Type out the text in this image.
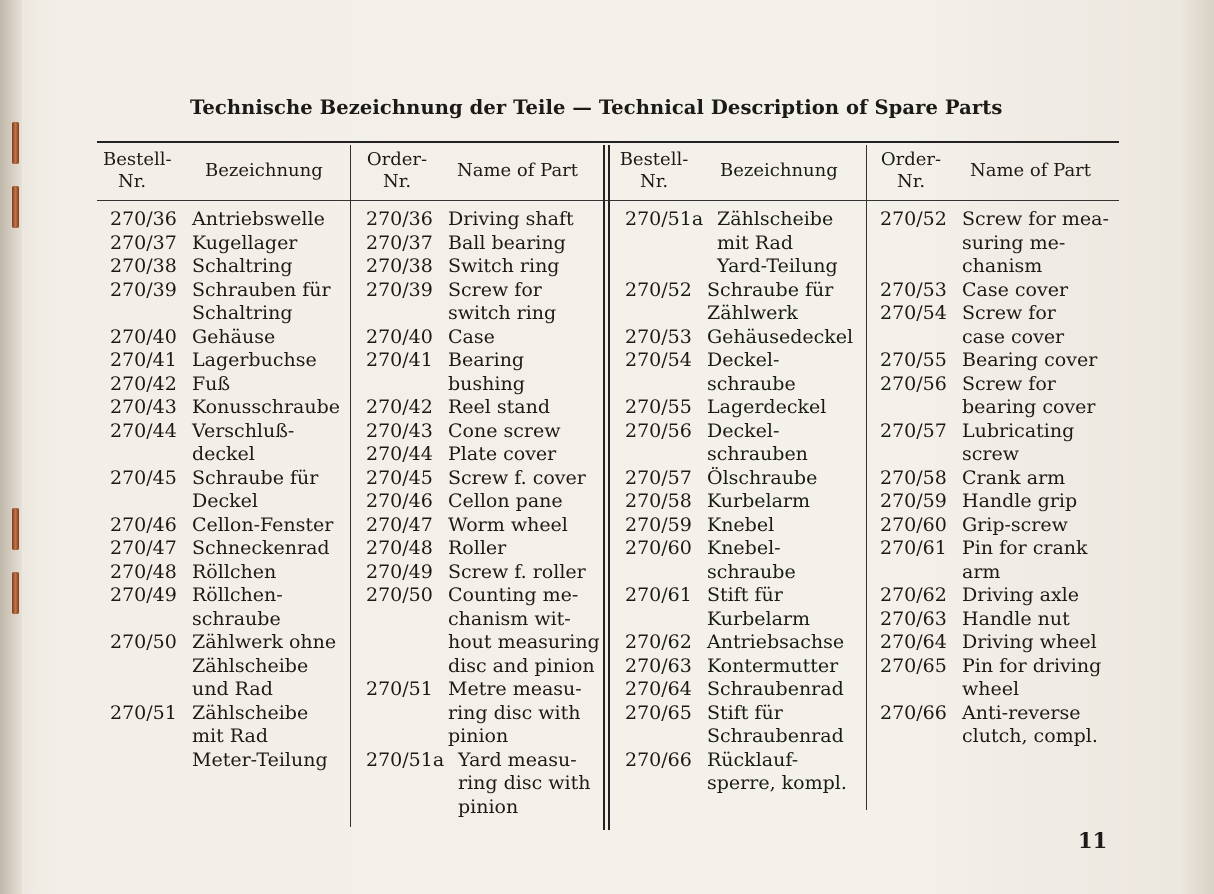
Technische Bezeichnung der Teile — Technical Description of Spare Parts
Bestell-
Nr.
Bezeichnung
Order-
Nr.
Name of Part
Bestell-
Nr.
Bezeichnung
Order-
Nr.
Name of Part
270/36 Antriebswelle
270/37 Kugellager
270/38 Schaltring
270/39 Schrauben für
Schaltring
270/40 Gehäuse
270/41 Lagerbuchse
270/42 Fuß
270/43 Konusschraube
270/44 Verschluß-
deckel
270/45 Schraube für
Deckel
270/46 Cellon-Fenster
270/47 Schneckenrad
270/48 Röllchen
270/49 Röllchen-
schraube
270/50 Zählwerk ohne
Zählscheibe
und Rad
270/51 Zählscheibe
mit Rad
Meter-Teilung
270/36 Driving shaft
270/37 Ball bearing
270/38 Switch ring
270/39 Screw for
switch ring
270/40 Case
270/41 Bearing
bushing
270/42 Reel stand
270/43 Cone screw
270/44 Plate cover
270/45 Screw f. cover
270/46 Cellon pane
270/47 Worm wheel
270/48 Roller
270/49 Screw f. roller
270/50 Counting me-
chanism wit-
hout measuring
disc and pinion
270/51 Metre measu-
ring disc with
pinion
270/51a Yard measu-
ring disc with
pinion
270/51a Zählscheibe
mit Rad
Yard-Teilung
270/52 Schraube für
Zählwerk
270/53 Gehäusedeckel
270/54 Deckel-
schraube
270/55 Lagerdeckel
270/56 Deckel-
schrauben
270/57 Ölschraube
270/58 Kurbelarm
270/59 Knebel
270/60 Knebel-
schraube
270/61 Stift für
Kurbelarm
270/62 Antriebsachse
270/63 Kontermutter
270/64 Schraubenrad
270/65 Stift für
Schraubenrad
270/66 Rücklauf-
sperre, kompl.
270/52 Screw for mea-
suring me-
chanism
270/53 Case cover
270/54 Screw for
case cover
270/55 Bearing cover
270/56 Screw for
bearing cover
270/57 Lubricating
screw
270/58 Crank arm
270/59 Handle grip
270/60 Grip-screw
270/61 Pin for crank
arm
270/62 Driving axle
270/63 Handle nut
270/64 Driving wheel
270/65 Pin for driving
wheel
270/66 Anti-reverse
clutch, compl.
11
